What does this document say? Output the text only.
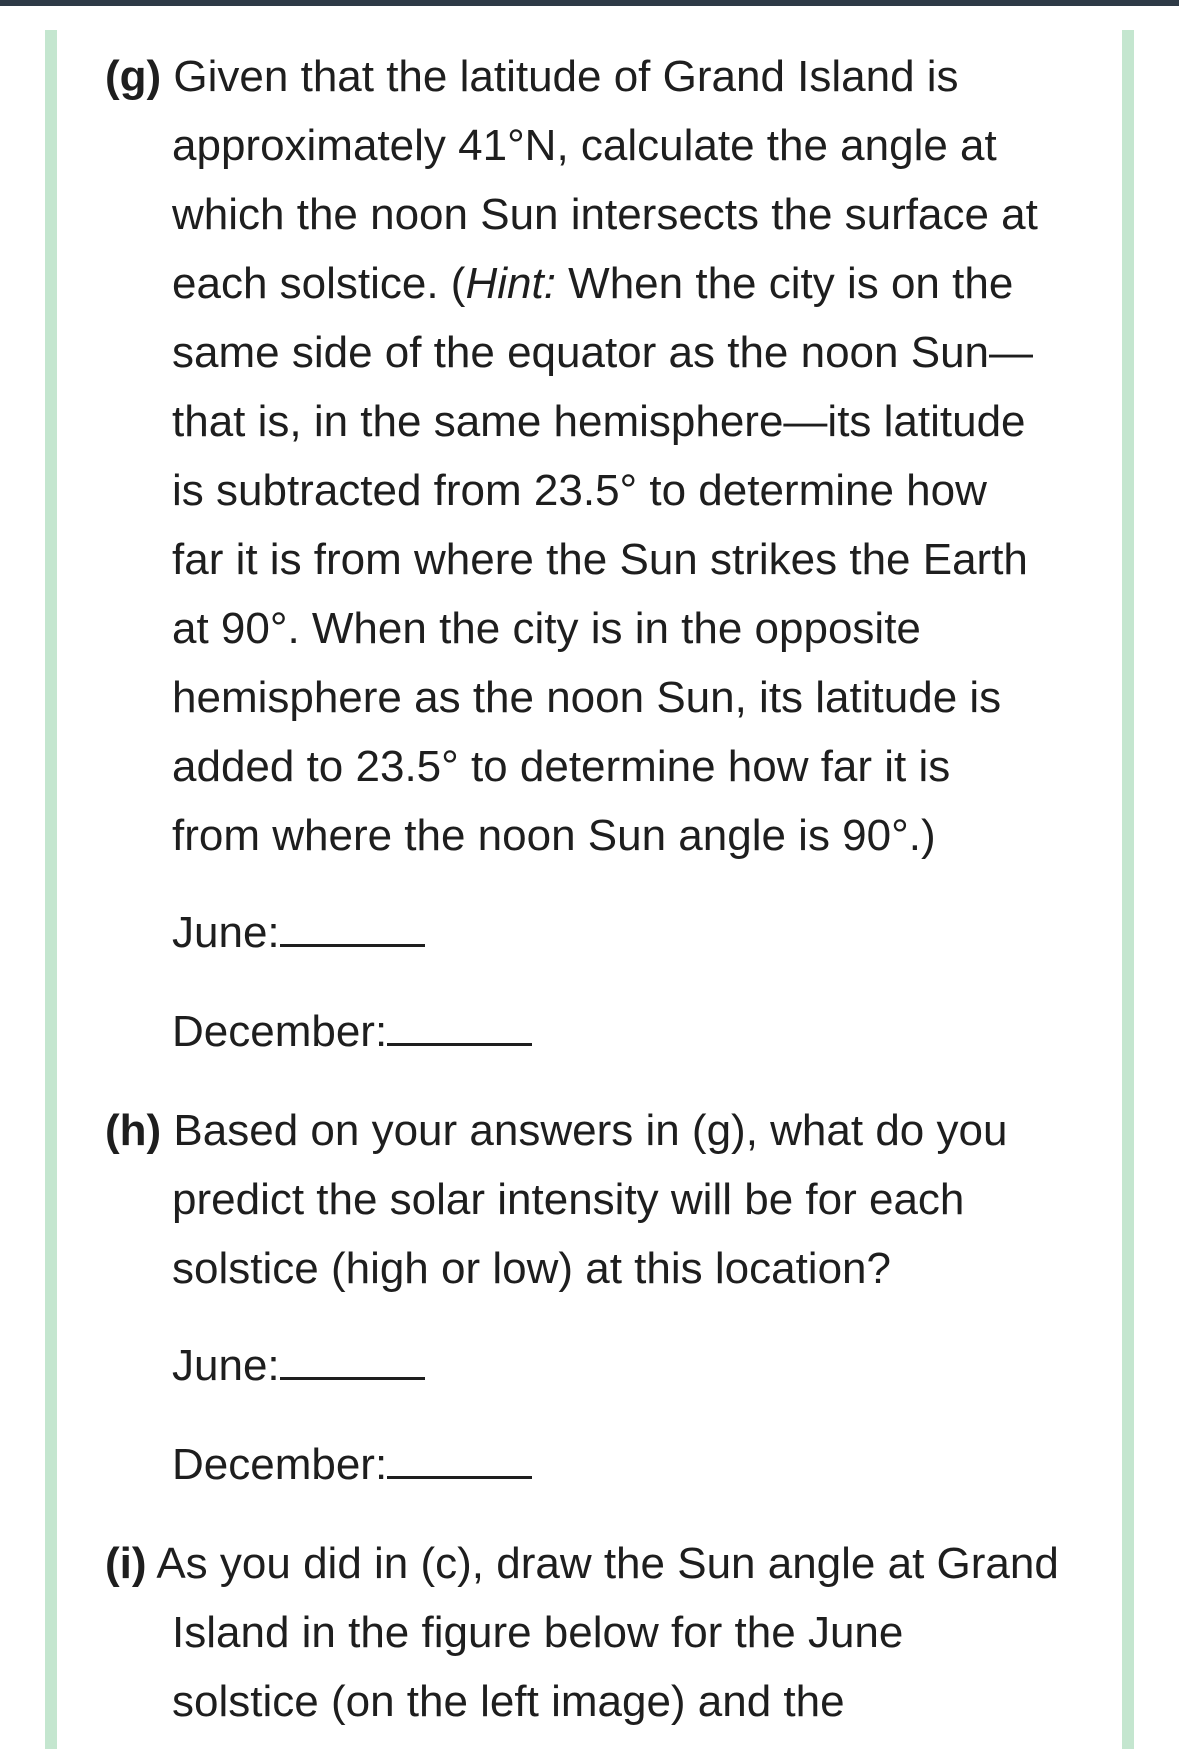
(g) Given that the latitude of Grand Island is
approximately 41°N, calculate the angle at
which the noon Sun intersects the surface at
each solstice. (Hint: When the city is on the
same side of the equator as the noon Sun—
that is, in the same hemisphere—its latitude
is subtracted from 23.5° to determine how
far it is from where the Sun strikes the Earth
at 90°. When the city is in the opposite
hemisphere as the noon Sun, its latitude is
added to 23.5° to determine how far it is
from where the noon Sun angle is 90°.)
June:
December:
(h) Based on your answers in (g), what do you
predict the solar intensity will be for each
solstice (high or low) at this location?
June:
December:
(i) As you did in (c), draw the Sun angle at Grand
Island in the figure below for the June
solstice (on the left image) and the
